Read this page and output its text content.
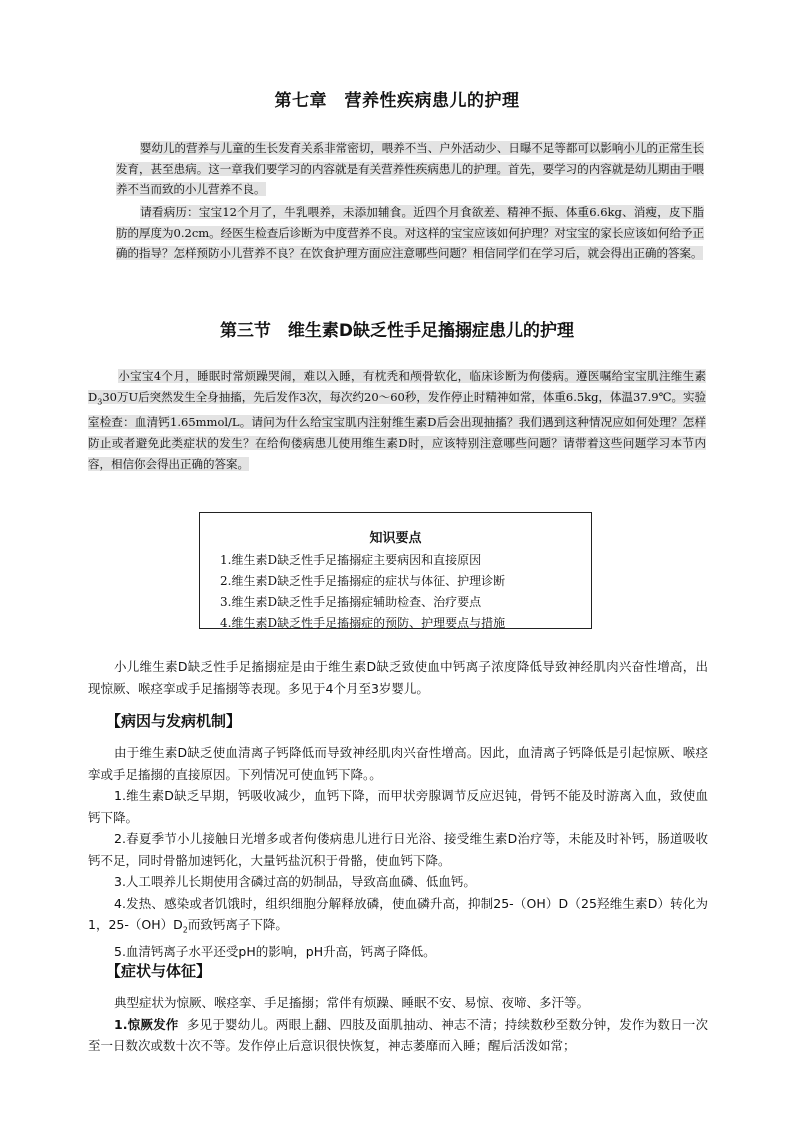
第七章　营养性疾病患儿的护理
婴幼儿的营养与儿童的生长发育关系非常密切，喂养不当、户外活动少、日曝不足等都可以影响小儿的正常生长发育，甚至患病。这一章我们要学习的内容就是有关营养性疾病患儿的护理。首先，要学习的内容就是幼儿期由于喂养不当而致的小儿营养不良。
请看病历：宝宝12个月了，牛乳喂养，未添加辅食。近四个月食欲差、精神不振、体重6.6kg、消瘦，皮下脂肪的厚度为0.2cm。经医生检查后诊断为中度营养不良。对这样的宝宝应该如何护理？对宝宝的家长应该如何给予正确的指导？怎样预防小儿营养不良？在饮食护理方面应注意哪些问题？相信同学们在学习后，就会得出正确的答案。
第三节　维生素D缺乏性手足搐搦症患儿的护理
小宝宝4个月，睡眠时常烦躁哭闹，难以入睡，有枕秃和颅骨软化，临床诊断为佝偻病。遵医嘱给宝宝肌注维生素$D_330$万U后突然发生全身抽搐，先后发作3次，每次约20～60秒，发作停止时精神如常，体重6.5kg，体温37.9℃。实验室检查：血清钙1.65mmol/L。请问为什么给宝宝肌内注射维生素D后会出现抽搐？我们遇到这种情况应如何处理？怎样防止或者避免此类症状的发生？在给佝偻病患儿使用维生素D时，应该特别注意哪些问题？请带着这些问题学习本节内容，相信你会得出正确的答案。
知识要点
1.维生素D缺乏性手足搐搦症主要病因和直接原因
2.维生素D缺乏性手足搐搦症的症状与体征、护理诊断
3.维生素D缺乏性手足搐搦症辅助检查、治疗要点
4.维生素D缺乏性手足搐搦症的预防、护理要点与措施

小儿维生素D缺乏性手足搐搦症是由于维生素D缺乏致使血中钙离子浓度降低导致神经肌肉兴奋性增高，出现惊厥、喉痉挛或手足搐搦等表现。多见于4个月至3岁婴儿。

【病因与发病机制】

由于维生素D缺乏使血清离子钙降低而导致神经肌肉兴奋性增高。因此，血清离子钙降低是引起惊厥、喉痉挛或手足搐搦的直接原因。下列情况可使血钙下降。。

1.维生素D缺乏早期，钙吸收减少，血钙下降，而甲状旁腺调节反应迟钝，骨钙不能及时游离入血，致使血钙下降。

2.春夏季节小儿接触日光增多或者佝偻病患儿进行日光浴、接受维生素D治疗等，未能及时补钙，肠道吸收钙不足，同时骨骼加速钙化，大量钙盐沉积于骨骼，使血钙下降。

3.人工喂养儿长期使用含磷过高的奶制品，导致高血磷、低血钙。

4.发热、感染或者饥饿时，组织细胞分解释放磷，使血磷升高，抑制25-（OH）D（25羟维生素D）转化为1，$25-(OH)D_2$而致钙离子下降。

5.血清钙离子水平还受pH的影响，pH升高，钙离子降低。

【症状与体征】

典型症状为惊厥、喉痉挛、手足搐搦；常伴有烦躁、睡眠不安、易惊、夜啼、多汗等。

1.惊厥发作 多见于婴幼儿。两眼上翻、四肢及面肌抽动、神志不清；持续数秒至数分钟，发作为数日一次至一日数次或数十次不等。发作停止后意识很快恢复，神志萎靡而入睡；醒后活泼如常；
